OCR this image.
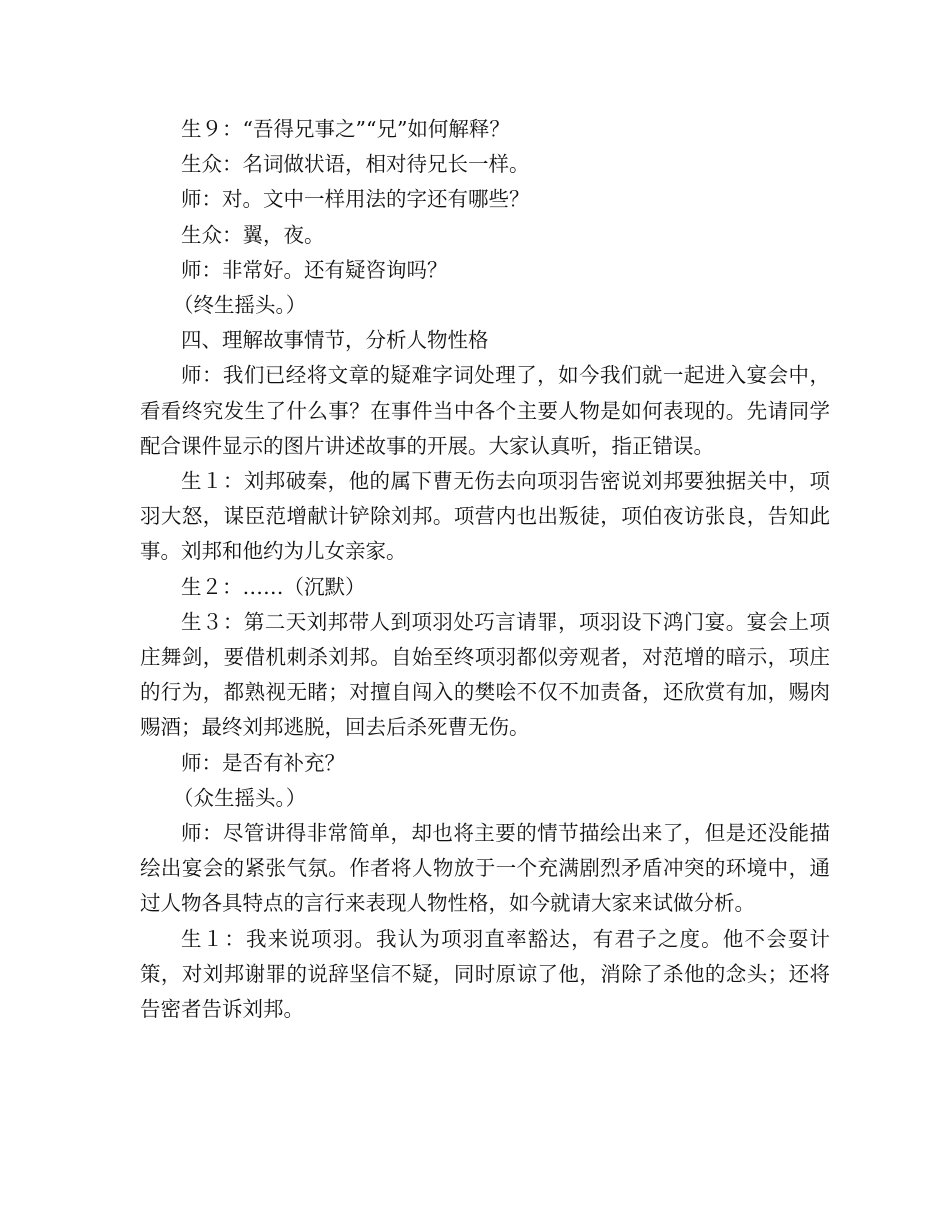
生９：“吾得兄事之”“兄”如何解释？

生众：名词做状语，相对待兄长一样。

师：对。文中一样用法的字还有哪些？

生众：翼，夜。

师：非常好。还有疑咨询吗？

（终生摇头。）

四、理解故事情节，分析人物性格

师：我们已经将文章的疑难字词处理了，如今我们就一起进入宴会中，看看终究发生了什么事？在事件当中各个主要人物是如何表现的。先请同学配合课件显示的图片讲述故事的开展。大家认真听，指正错误。

生１：刘邦破秦，他的属下曹无伤去向项羽告密说刘邦要独据关中，项羽大怒，谋臣范增献计铲除刘邦。项营内也出叛徒，项伯夜访张良，告知此事。刘邦和他约为儿女亲家。

生２：……（沉默）

生３：第二天刘邦带人到项羽处巧言请罪，项羽设下鸿门宴。宴会上项庄舞剑，要借机刺杀刘邦。自始至终项羽都似旁观者，对范增的暗示，项庄的行为，都熟视无睹；对擅自闯入的樊哙不仅不加责备，还欣赏有加，赐肉赐酒；最终刘邦逃脱，回去后杀死曹无伤。

师：是否有补充？

（众生摇头。）

师：尽管讲得非常简单，却也将主要的情节描绘出来了，但是还没能描绘出宴会的紧张气氛。作者将人物放于一个充满剧烈矛盾冲突的环境中，通过人物各具特点的言行来表现人物性格，如今就请大家来试做分析。

生１：我来说项羽。我认为项羽直率豁达，有君子之度。他不会耍计策，对刘邦谢罪的说辞坚信不疑，同时原谅了他，消除了杀他的念头；还将告密者告诉刘邦。
